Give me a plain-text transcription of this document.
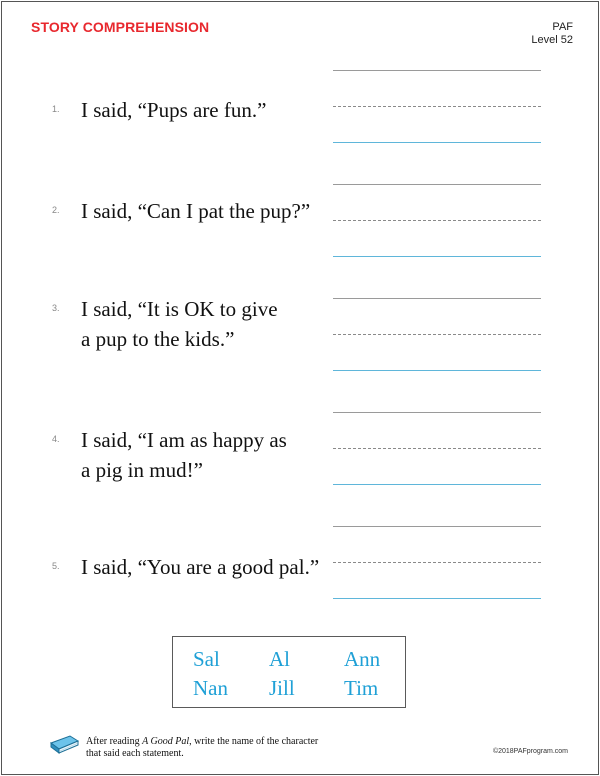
STORY COMPREHENSION	PAF
Level 52
1. I said, “Pups are fun.”
2. I said, “Can I pat the pup?”
3. I said, “It is OK to give
a pup to the kids.”
4. I said, “I am as happy as
a pig in mud!”
5. I said, “You are a good pal.”
Sal Al	Ann
Nan Jill Tim
After reading A Good Pal, write the name of the character
that said each statement.	©2018PAFprogram.com
